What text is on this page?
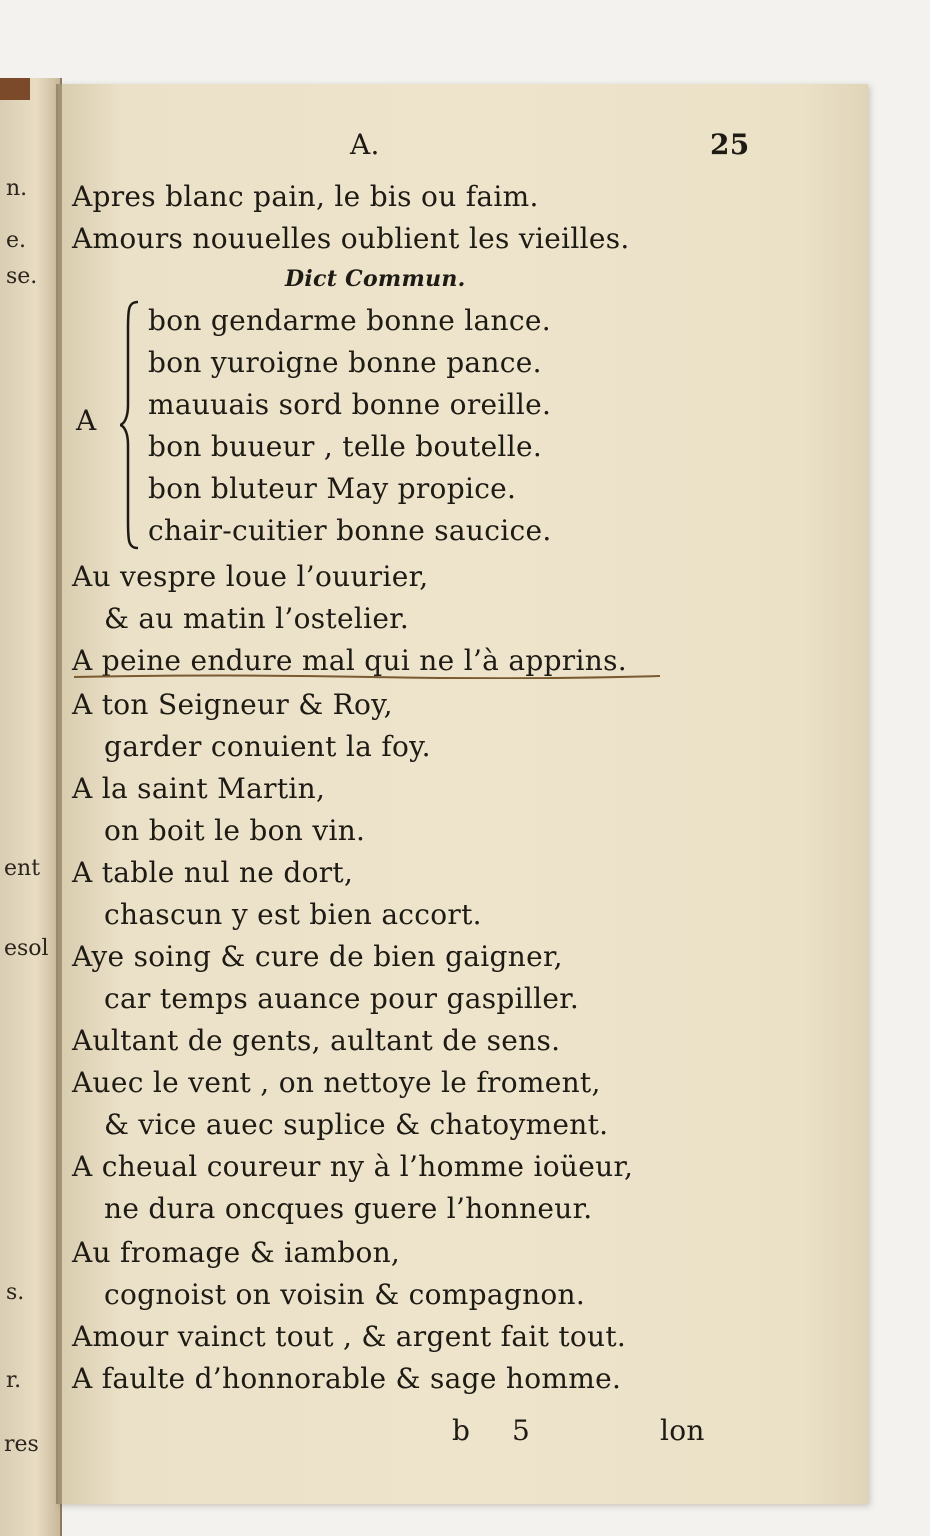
n.
e.
se.
ent
esol
s.
r.
res
A.	25
Apres blanc pain, le bis ou faim.
Amours nouuelles oublient les vieilles.
Dict Commun.
A
bon gendarme bonne lance.
bon yuroigne bonne pance.
mauuais sord bonne oreille.
bon buueur , telle boutelle.
bon bluteur May propice.
chair-cuitier bonne saucice.
Au vespre loue l’ouurier,
& au matin l’ostelier.
A peine endure mal qui ne l’à apprins.
A ton Seigneur & Roy,
garder conuient la foy.
A la saint Martin,
on boit le bon vin.
A table nul ne dort,
chascun y est bien accort.
Aye soing & cure de bien gaigner,
car temps auance pour gaspiller.
Aultant de gents, aultant de sens.
Auec le vent , on nettoye le froment,
& vice auec suplice & chatoyment.
A cheual coureur ny à l’homme ioüeur,
ne dura oncques guere l’honneur.
Au fromage & iambon,
cognoist on voisin & compagnon.
Amour vainct tout , & argent fait tout.
A faulte d’honnorable & sage homme.
b 5	lon
